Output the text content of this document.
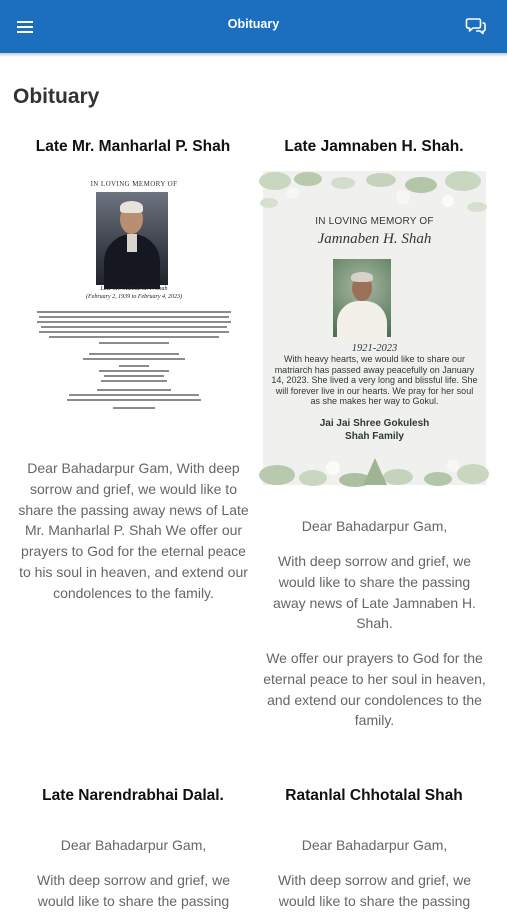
Obituary
Obituary
Late Mr. Manharlal P. Shah
IN LOVING MEMORY OF
Late Mr. Manharlal P. Shah
(February 2, 1939 to February 4, 2023)
Dear Bahadarpur Gam, With deep sorrow and grief, we would like to share the passing away news of Late Mr. Manharlal P. Shah We offer our prayers to God for the eternal peace to his soul in heaven, and extend our condolences to the family.
Late Jamnaben H. Shah.
IN LOVING MEMORY OF
Jamnaben H. Shah
1921-2023
With heavy hearts, we would like to share our matriarch has passed away peacefully on January 14, 2023. She lived a very long and blissful life. She will forever live in our hearts. We pray for her soul as she makes her way to Gokul.
Jai Jai Shree Gokulesh
Shah Family
Dear Bahadarpur Gam,
With deep sorrow and grief, we would like to share the passing away news of Late Jamnaben H. Shah.
We offer our prayers to God for the eternal peace to her soul in heaven, and extend our condolences to the family.
Late Narendrabhai Dalal.
Dear Bahadarpur Gam,
With deep sorrow and grief, we would like to share the passing
Ratanlal Chhotalal Shah
Dear Bahadarpur Gam,
With deep sorrow and grief, we would like to share the passing
